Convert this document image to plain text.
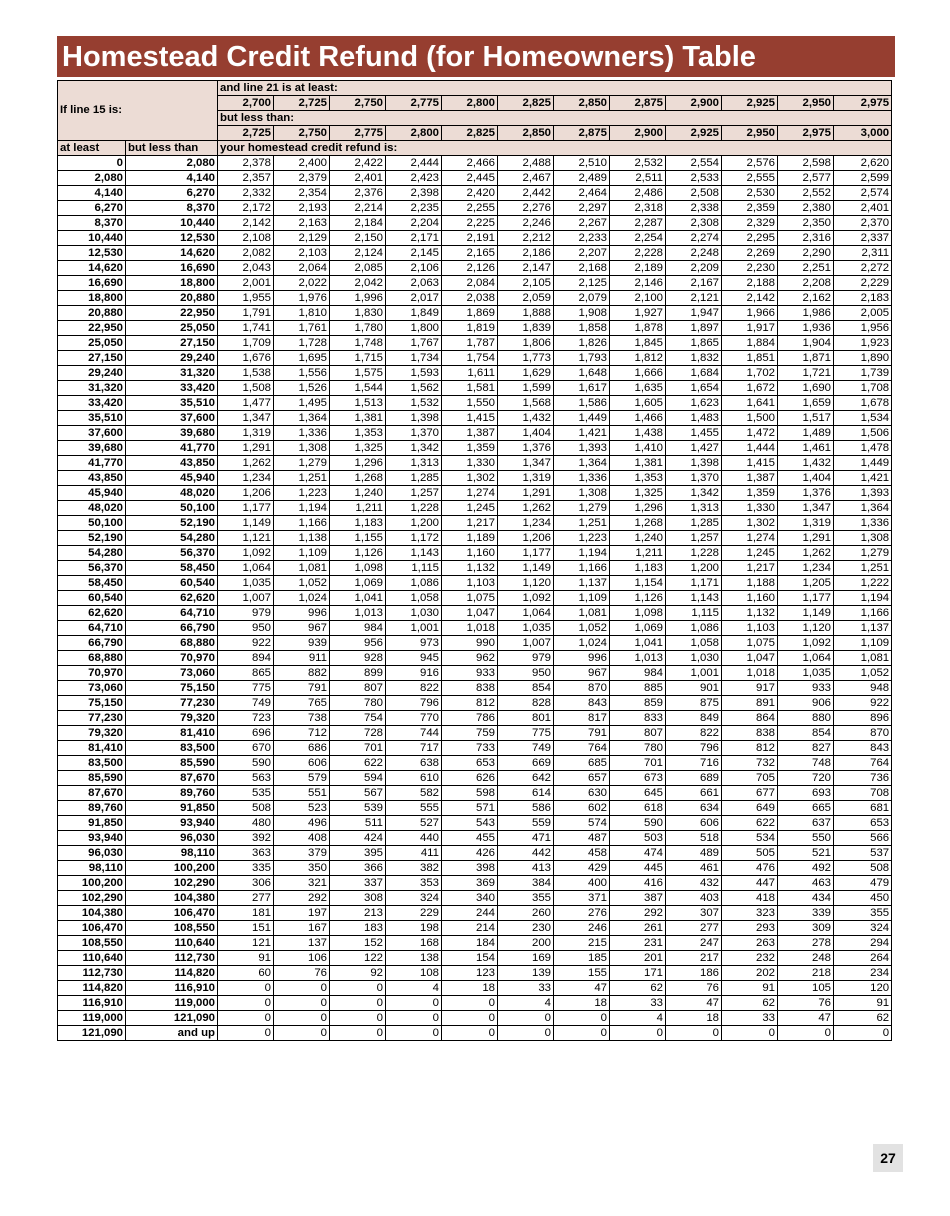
Homestead Credit Refund (for Homeowners) Table
If line 15 is:		and line 21 is at least:											
		2,700	2,725	2,750	2,775	2,800	2,825	2,850	2,875	2,900	2,925	2,950	2,975
		but less than:											
		2,725	2,750	2,775	2,800	2,825	2,850	2,875	2,900	2,925	2,950	2,975	3,000
at least	but less than	your homestead credit refund is:											
0	2,080	2,378	2,400	2,422	2,444	2,466	2,488	2,510	2,532	2,554	2,576	2,598	2,620
2,080	4,140	2,357	2,379	2,401	2,423	2,445	2,467	2,489	2,511	2,533	2,555	2,577	2,599
4,140	6,270	2,332	2,354	2,376	2,398	2,420	2,442	2,464	2,486	2,508	2,530	2,552	2,574
6,270	8,370	2,172	2,193	2,214	2,235	2,255	2,276	2,297	2,318	2,338	2,359	2,380	2,401
8,370	10,440	2,142	2,163	2,184	2,204	2,225	2,246	2,267	2,287	2,308	2,329	2,350	2,370
10,440	12,530	2,108	2,129	2,150	2,171	2,191	2,212	2,233	2,254	2,274	2,295	2,316	2,337
12,530	14,620	2,082	2,103	2,124	2,145	2,165	2,186	2,207	2,228	2,248	2,269	2,290	2,311
14,620	16,690	2,043	2,064	2,085	2,106	2,126	2,147	2,168	2,189	2,209	2,230	2,251	2,272
16,690	18,800	2,001	2,022	2,042	2,063	2,084	2,105	2,125	2,146	2,167	2,188	2,208	2,229
18,800	20,880	1,955	1,976	1,996	2,017	2,038	2,059	2,079	2,100	2,121	2,142	2,162	2,183
20,880	22,950	1,791	1,810	1,830	1,849	1,869	1,888	1,908	1,927	1,947	1,966	1,986	2,005
22,950	25,050	1,741	1,761	1,780	1,800	1,819	1,839	1,858	1,878	1,897	1,917	1,936	1,956
25,050	27,150	1,709	1,728	1,748	1,767	1,787	1,806	1,826	1,845	1,865	1,884	1,904	1,923
27,150	29,240	1,676	1,695	1,715	1,734	1,754	1,773	1,793	1,812	1,832	1,851	1,871	1,890
29,240	31,320	1,538	1,556	1,575	1,593	1,611	1,629	1,648	1,666	1,684	1,702	1,721	1,739
31,320	33,420	1,508	1,526	1,544	1,562	1,581	1,599	1,617	1,635	1,654	1,672	1,690	1,708
33,420	35,510	1,477	1,495	1,513	1,532	1,550	1,568	1,586	1,605	1,623	1,641	1,659	1,678
35,510	37,600	1,347	1,364	1,381	1,398	1,415	1,432	1,449	1,466	1,483	1,500	1,517	1,534
37,600	39,680	1,319	1,336	1,353	1,370	1,387	1,404	1,421	1,438	1,455	1,472	1,489	1,506
39,680	41,770	1,291	1,308	1,325	1,342	1,359	1,376	1,393	1,410	1,427	1,444	1,461	1,478
41,770	43,850	1,262	1,279	1,296	1,313	1,330	1,347	1,364	1,381	1,398	1,415	1,432	1,449
43,850	45,940	1,234	1,251	1,268	1,285	1,302	1,319	1,336	1,353	1,370	1,387	1,404	1,421
45,940	48,020	1,206	1,223	1,240	1,257	1,274	1,291	1,308	1,325	1,342	1,359	1,376	1,393
48,020	50,100	1,177	1,194	1,211	1,228	1,245	1,262	1,279	1,296	1,313	1,330	1,347	1,364
50,100	52,190	1,149	1,166	1,183	1,200	1,217	1,234	1,251	1,268	1,285	1,302	1,319	1,336
52,190	54,280	1,121	1,138	1,155	1,172	1,189	1,206	1,223	1,240	1,257	1,274	1,291	1,308
54,280	56,370	1,092	1,109	1,126	1,143	1,160	1,177	1,194	1,211	1,228	1,245	1,262	1,279
56,370	58,450	1,064	1,081	1,098	1,115	1,132	1,149	1,166	1,183	1,200	1,217	1,234	1,251
58,450	60,540	1,035	1,052	1,069	1,086	1,103	1,120	1,137	1,154	1,171	1,188	1,205	1,222
60,540	62,620	1,007	1,024	1,041	1,058	1,075	1,092	1,109	1,126	1,143	1,160	1,177	1,194
62,620	64,710	979	996	1,013	1,030	1,047	1,064	1,081	1,098	1,115	1,132	1,149	1,166
64,710	66,790	950	967	984	1,001	1,018	1,035	1,052	1,069	1,086	1,103	1,120	1,137
66,790	68,880	922	939	956	973	990	1,007	1,024	1,041	1,058	1,075	1,092	1,109
68,880	70,970	894	911	928	945	962	979	996	1,013	1,030	1,047	1,064	1,081
70,970	73,060	865	882	899	916	933	950	967	984	1,001	1,018	1,035	1,052
73,060	75,150	775	791	807	822	838	854	870	885	901	917	933	948
75,150	77,230	749	765	780	796	812	828	843	859	875	891	906	922
77,230	79,320	723	738	754	770	786	801	817	833	849	864	880	896
79,320	81,410	696	712	728	744	759	775	791	807	822	838	854	870
81,410	83,500	670	686	701	717	733	749	764	780	796	812	827	843
83,500	85,590	590	606	622	638	653	669	685	701	716	732	748	764
85,590	87,670	563	579	594	610	626	642	657	673	689	705	720	736
87,670	89,760	535	551	567	582	598	614	630	645	661	677	693	708
89,760	91,850	508	523	539	555	571	586	602	618	634	649	665	681
91,850	93,940	480	496	511	527	543	559	574	590	606	622	637	653
93,940	96,030	392	408	424	440	455	471	487	503	518	534	550	566
96,030	98,110	363	379	395	411	426	442	458	474	489	505	521	537
98,110	100,200	335	350	366	382	398	413	429	445	461	476	492	508
100,200	102,290	306	321	337	353	369	384	400	416	432	447	463	479
102,290	104,380	277	292	308	324	340	355	371	387	403	418	434	450
104,380	106,470	181	197	213	229	244	260	276	292	307	323	339	355
106,470	108,550	151	167	183	198	214	230	246	261	277	293	309	324
108,550	110,640	121	137	152	168	184	200	215	231	247	263	278	294
110,640	112,730	91	106	122	138	154	169	185	201	217	232	248	264
112,730	114,820	60	76	92	108	123	139	155	171	186	202	218	234
114,820	116,910	0	0	0	4	18	33	47	62	76	91	105	120
116,910	119,000	0	0	0	0	0	4	18	33	47	62	76	91
119,000	121,090	0	0	0	0	0	0	0	4	18	33	47	62
121,090	and up	0	0	0	0	0	0	0	0	0	0	0	0
27
